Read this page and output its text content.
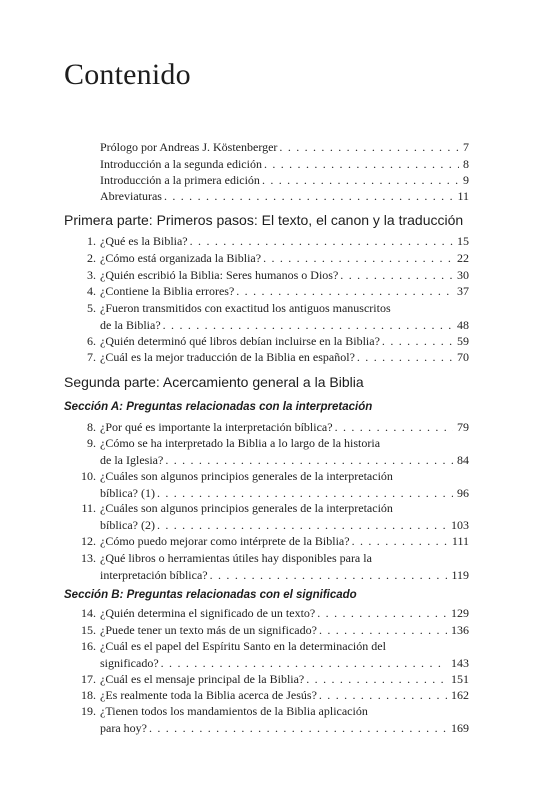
Contenido
Prólogo por Andreas J. Köstenberger . . .	7
Introducción a la segunda edición . . .	8
Introducción a la primera edición . . .	9
Abreviaturas . . .	11
Primera parte: Primeros pasos: El texto, el canon y la traducción
1. ¿Qué es la Biblia? . . .	15
2. ¿Cómo está organizada la Biblia? . . .	22
3. ¿Quién escribió la Biblia: Seres humanos o Dios? . . .	30
4. ¿Contiene la Biblia errores? . . .	37
5. ¿Fueron transmitidos con exactitud los antiguos manuscritos
de la Biblia? . . .	48
6. ¿Quién determinó qué libros debían incluirse en la Biblia? . . .	59
7. ¿Cuál es la mejor traducción de la Biblia en español? . . .	70
Segunda parte: Acercamiento general a la Biblia
Sección A: Preguntas relacionadas con la interpretación
8. ¿Por qué es importante la interpretación bíblica? . . .	79
9. ¿Cómo se ha interpretado la Biblia a lo largo de la historia
de la Iglesia? . . .	84
10. ¿Cuáles son algunos principios generales de la interpretación
bíblica? (1) . . .	96
11. ¿Cuáles son algunos principios generales de la interpretación
bíblica? (2) . . .	103
12. ¿Cómo puedo mejorar como intérprete de la Biblia? . . .	111
13. ¿Qué libros o herramientas útiles hay disponibles para la
interpretación bíblica? . . .	119
Sección B: Preguntas relacionadas con el significado
14. ¿Quién determina el significado de un texto? . . .	129
15. ¿Puede tener un texto más de un significado? . . .	136
16. ¿Cuál es el papel del Espíritu Santo en la determinación del
significado? . . .	143
17. ¿Cuál es el mensaje principal de la Biblia? . . .	151
18. ¿Es realmente toda la Biblia acerca de Jesús? . . .	162
19. ¿Tienen todos los mandamientos de la Biblia aplicación
para hoy? . . .	169
